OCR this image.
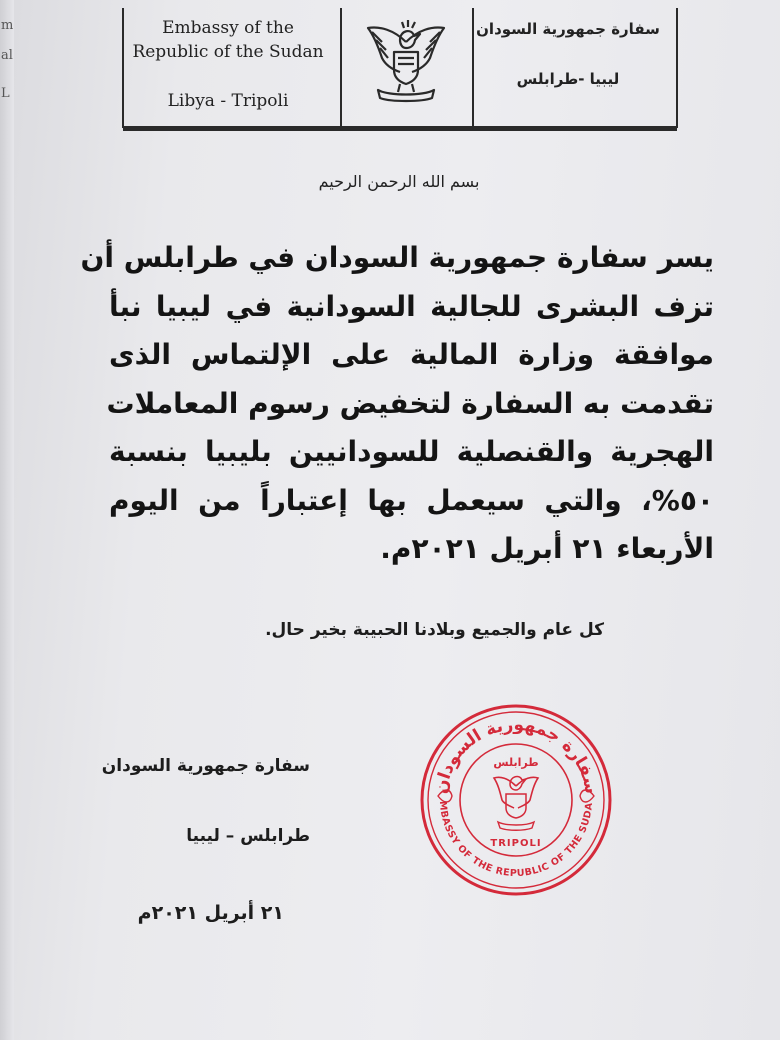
m
al
L
Embassy of the
Republic of the Sudan
Libya - Tripoli
سفارة جمهورية السودان
ليبيا -طرابلس
بسم الله الرحمن الرحيم
يسر سفارة جمهورية السودان في طرابلس أن
تزف البشرى للجالية السودانية في ليبيا نبأ
موافقة وزارة المالية على الإلتماس الذى
تقدمت به السفارة لتخفيض رسوم المعاملات
الهجرية والقنصلية للسودانيين بليبيا بنسبة
٥٠%، والتي سيعمل بها إعتباراً من اليوم
الأربعاء ٢١ أبريل ٢٠٢١م.
كل عام والجميع وبلادنا الحبيبة بخير حال.
سفارة جمهورية السودان
طرابلس – ليبيا
٢١ أبريل ٢٠٢١م
سفارة جمهورية السودان
طرابلس
MBASSY OF THE REPUBLIC OF THE SUDA
TRIPOLI
